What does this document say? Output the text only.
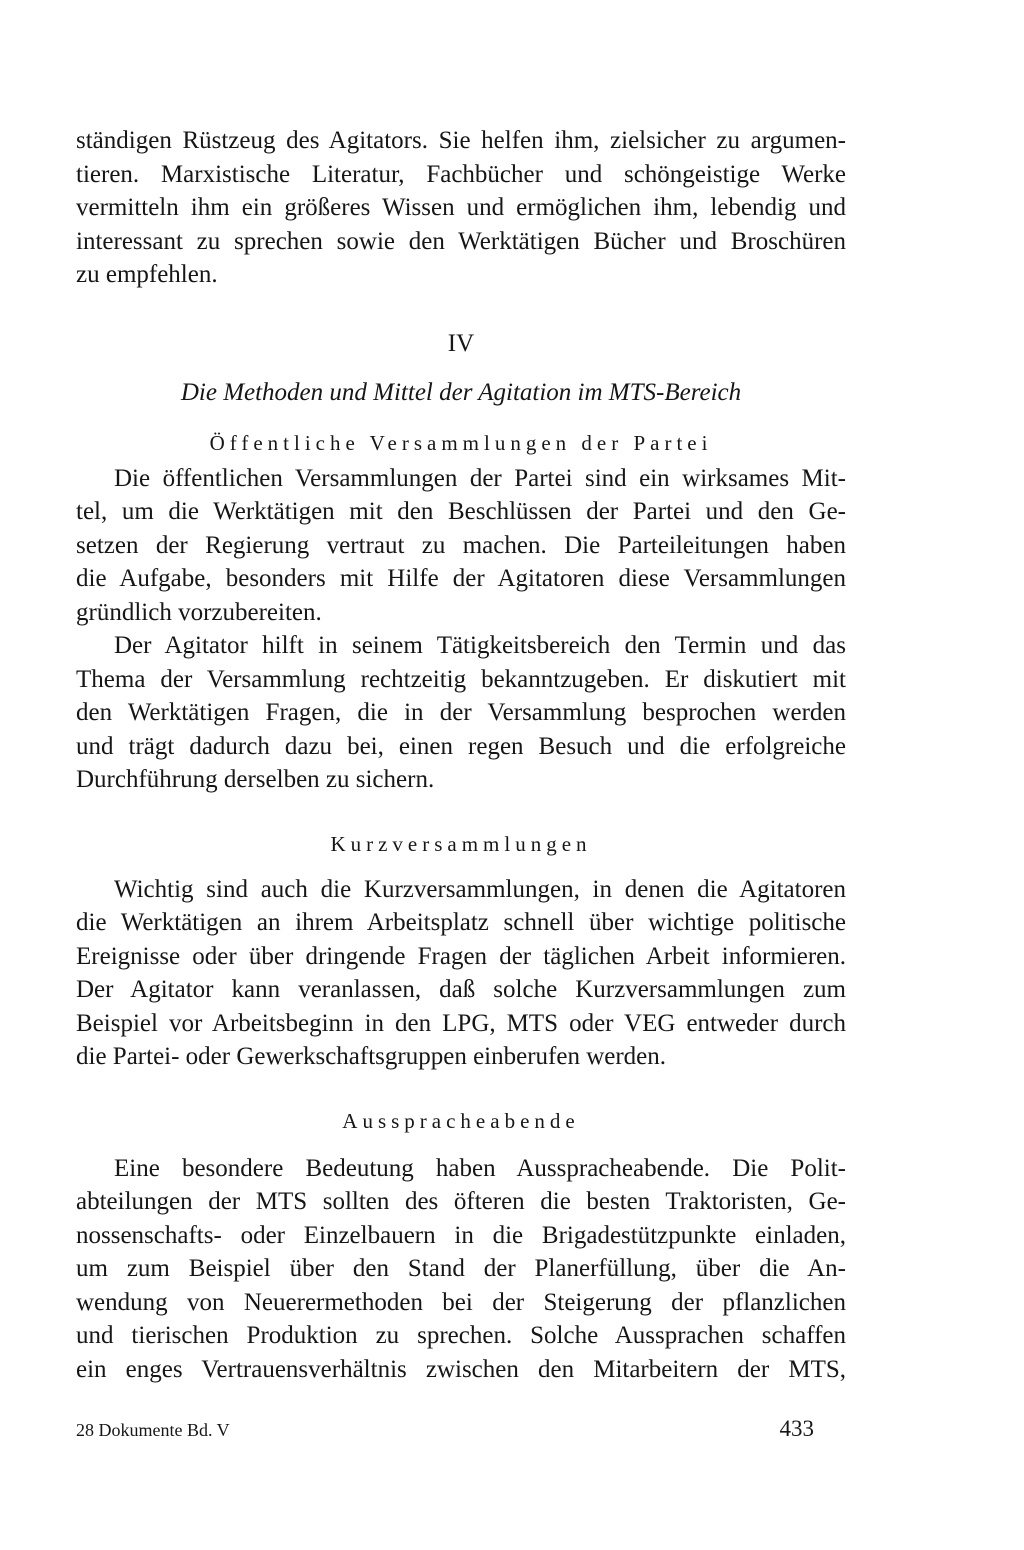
ständigen Rüstzeug des Agitators. Sie helfen ihm, zielsicher zu argumen-
tieren. Marxistische Literatur, Fachbücher und schöngeistige Werke
vermitteln ihm ein größeres Wissen und ermöglichen ihm, lebendig und
interessant zu sprechen sowie den Werktätigen Bücher und Broschüren
zu empfehlen.

IV
Die Methoden und Mittel der Agitation im MTS-Bereich
Öffentliche Versammlungen der Partei

Die öffentlichen Versammlungen der Partei sind ein wirksames Mit-
tel, um die Werktätigen mit den Beschlüssen der Partei und den Ge-
setzen der Regierung vertraut zu machen. Die Parteileitungen haben
die Aufgabe, besonders mit Hilfe der Agitatoren diese Versammlungen
gründlich vorzubereiten.

Der Agitator hilft in seinem Tätigkeitsbereich den Termin und das
Thema der Versammlung rechtzeitig bekanntzugeben. Er diskutiert mit
den Werktätigen Fragen, die in der Versammlung besprochen werden
und trägt dadurch dazu bei, einen regen Besuch und die erfolgreiche
Durchführung derselben zu sichern.

Kurzversammlungen

Wichtig sind auch die Kurzversammlungen, in denen die Agitatoren
die Werktätigen an ihrem Arbeitsplatz schnell über wichtige politische
Ereignisse oder über dringende Fragen der täglichen Arbeit informieren.
Der Agitator kann veranlassen, daß solche Kurzversammlungen zum
Beispiel vor Arbeitsbeginn in den LPG, MTS oder VEG entweder durch
die Partei- oder Gewerkschaftsgruppen einberufen werden.

Ausspracheabende

Eine besondere Bedeutung haben Ausspracheabende. Die Polit-
abteilungen der MTS sollten des öfteren die besten Traktoristen, Ge-
nossenschafts- oder Einzelbauern in die Brigadestützpunkte einladen,
um zum Beispiel über den Stand der Planerfüllung, über die An-
wendung von Neuerermethoden bei der Steigerung der pflanzlichen
und tierischen Produktion zu sprechen. Solche Aussprachen schaffen
ein enges Vertrauensverhältnis zwischen den Mitarbeitern der MTS,

28 Dokumente Bd. V	433
